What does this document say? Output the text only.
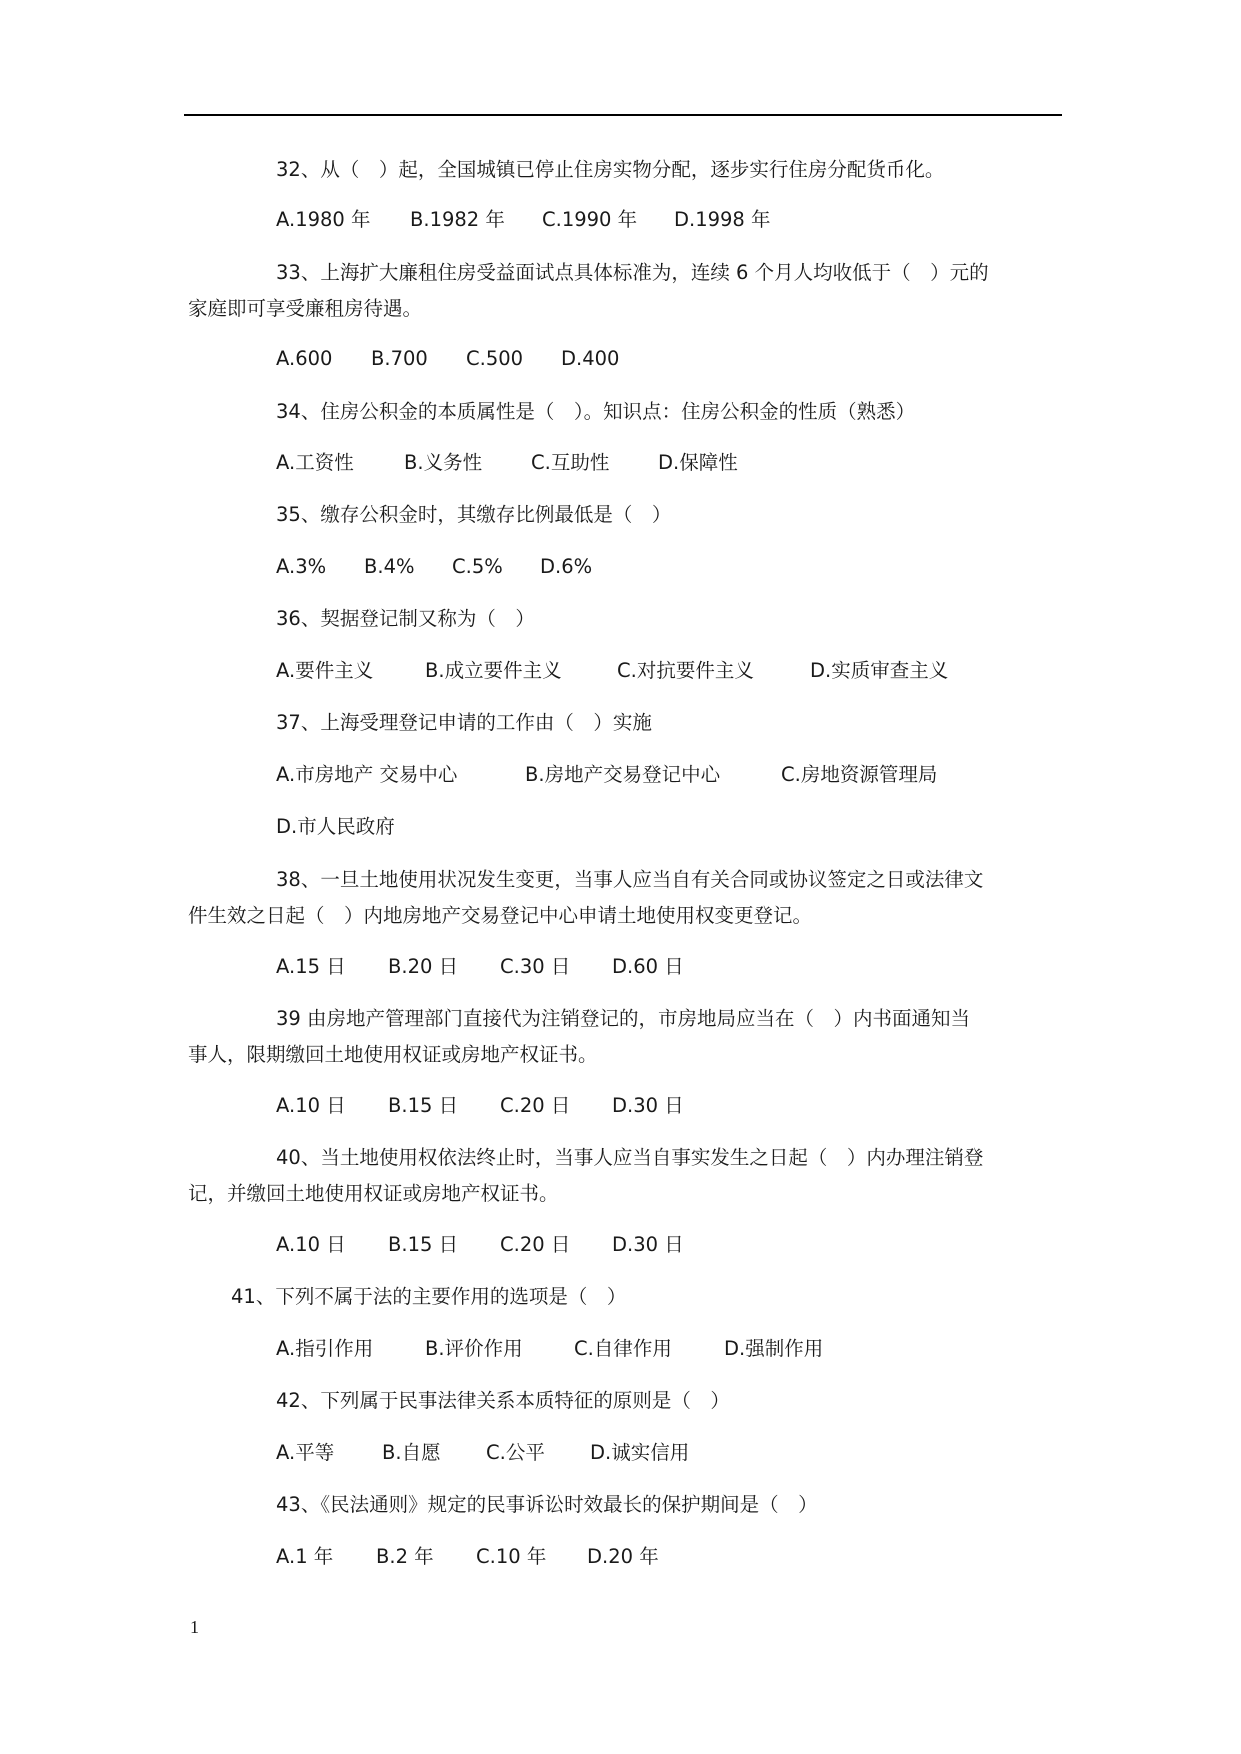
32、从（　）起，全国城镇已停止住房实物分配，逐步实行住房分配货币化。
A.1980 年 B.1982 年 C.1990 年 D.1998 年
33、上海扩大廉租住房受益面试点具体标准为，连续 6 个月人均收低于（　）元的
家庭即可享受廉租房待遇。
A.600 B.700 C.500 D.400
34、住房公积金的本质属性是（　）。知识点：住房公积金的性质（熟悉）
A.工资性	B.义务性	C.互助性 D.保障性
35、缴存公积金时，其缴存比例最低是（　）
A.3% B.4% C.5% D.6%
36、契据登记制又称为（　）
A.要件主义	B.成立要件主义	C.对抗要件主义	D.实质审查主义
37、上海受理登记申请的工作由（　）实施
A.市房地产 交易中心	B.房地产交易登记中心	C.房地资源管理局
D.市人民政府
38、一旦土地使用状况发生变更，当事人应当自有关合同或协议签定之日或法律文
件生效之日起（　）内地房地产交易登记中心申请土地使用权变更登记。
A.15 日 B.20 日 C.30 日 D.60 日
39 由房地产管理部门直接代为注销登记的，市房地局应当在（　）内书面通知当
事人，限期缴回土地使用权证或房地产权证书。
A.10 日 B.15 日 C.20 日 D.30 日
40、当土地使用权依法终止时，当事人应当自事实发生之日起（　）内办理注销登
记，并缴回土地使用权证或房地产权证书。
A.10 日 B.15 日 C.20 日 D.30 日
41、下列不属于法的主要作用的选项是（　）
A.指引作用	B.评价作用	C.自律作用	D.强制作用
42、下列属于民事法律关系本质特征的原则是（　）
A.平等 B.自愿 C.公平 D.诚实信用
43、《民法通则》规定的民事诉讼时效最长的保护期间是（　）
A.1 年 B.2 年 C.10 年 D.20 年
1
